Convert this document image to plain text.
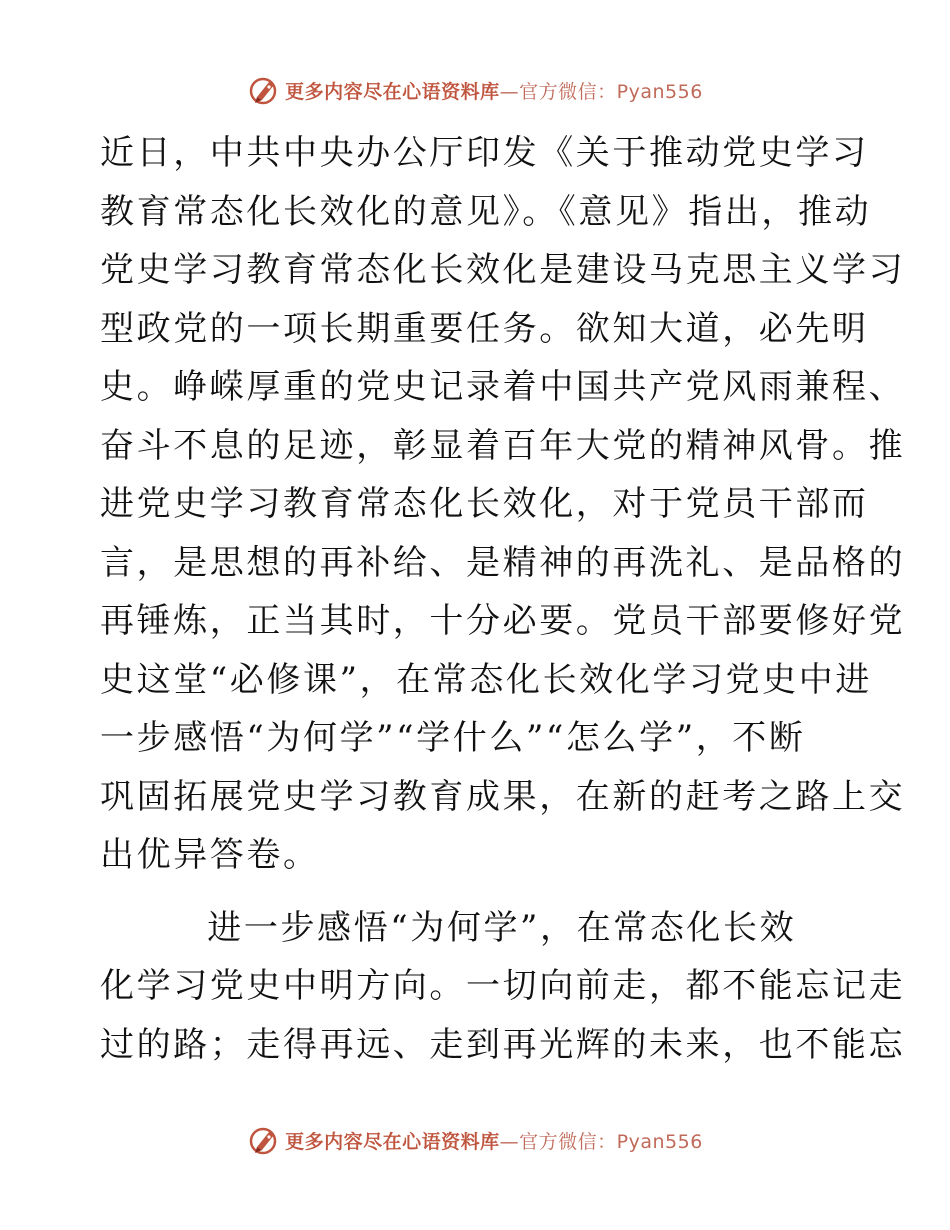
更多内容尽在心语资料库—官方微信：Pyan556
近日，中共中央办公厅印发《关于推动党史学习
教育常态化长效化的意见》。《意见》指出，推动
党史学习教育常态化长效化是建设马克思主义学习
型政党的一项长期重要任务。欲知大道，必先明
史。峥嵘厚重的党史记录着中国共产党风雨兼程、
奋斗不息的足迹，彰显着百年大党的精神风骨。推
进党史学习教育常态化长效化，对于党员干部而
言，是思想的再补给、是精神的再洗礼、是品格的
再锤炼，正当其时，十分必要。党员干部要修好党
史这堂“必修课”，在常态化长效化学习党史中进
一步感悟“为何学”“学什么”“怎么学”，不断
巩固拓展党史学习教育成果，在新的赶考之路上交
出优异答卷。
进一步感悟“为何学”，在常态化长效
化学习党史中明方向。一切向前走，都不能忘记走
过的路；走得再远、走到再光辉的未来，也不能忘
更多内容尽在心语资料库—官方微信：Pyan556
